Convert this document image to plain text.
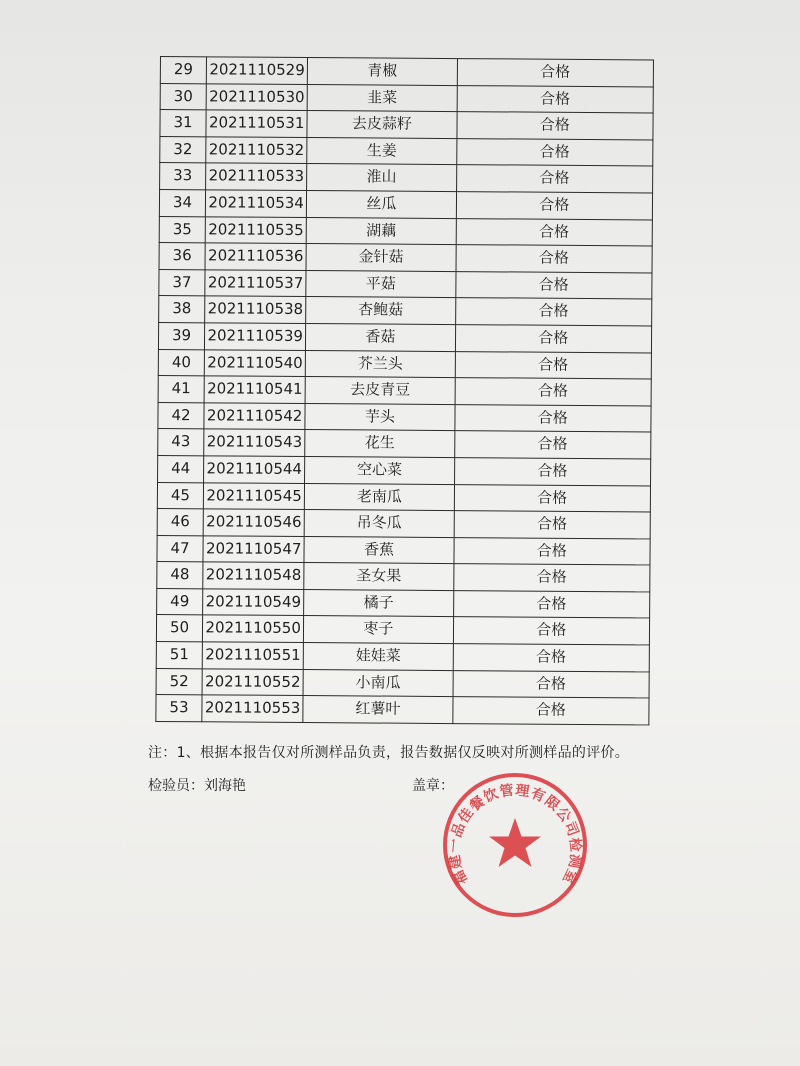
29	2021110529	青椒	合格
30	2021110530	韭菜	合格
31	2021110531	去皮蒜籽	合格
32	2021110532	生姜	合格
33	2021110533	淮山	合格
34	2021110534	丝瓜	合格
35	2021110535	湖藕	合格
36	2021110536	金针菇	合格
37	2021110537	平菇	合格
38	2021110538	杏鲍菇	合格
39	2021110539	香菇	合格
40	2021110540	芥兰头	合格
41	2021110541	去皮青豆	合格
42	2021110542	芋头	合格
43	2021110543	花生	合格
44	2021110544	空心菜	合格
45	2021110545	老南瓜	合格
46	2021110546	吊冬瓜	合格
47	2021110547	香蕉	合格
48	2021110548	圣女果	合格
49	2021110549	橘子	合格
50	2021110550	枣子	合格
51	2021110551	娃娃菜	合格
52	2021110552	小南瓜	合格
53	2021110553	红薯叶	合格
注：1、根据本报告仅对所测样品负责，报告数据仅反映对所测样品的评价。
检验员：刘海艳	盖章：
福建一品佳餐饮管理有限公司检测室
